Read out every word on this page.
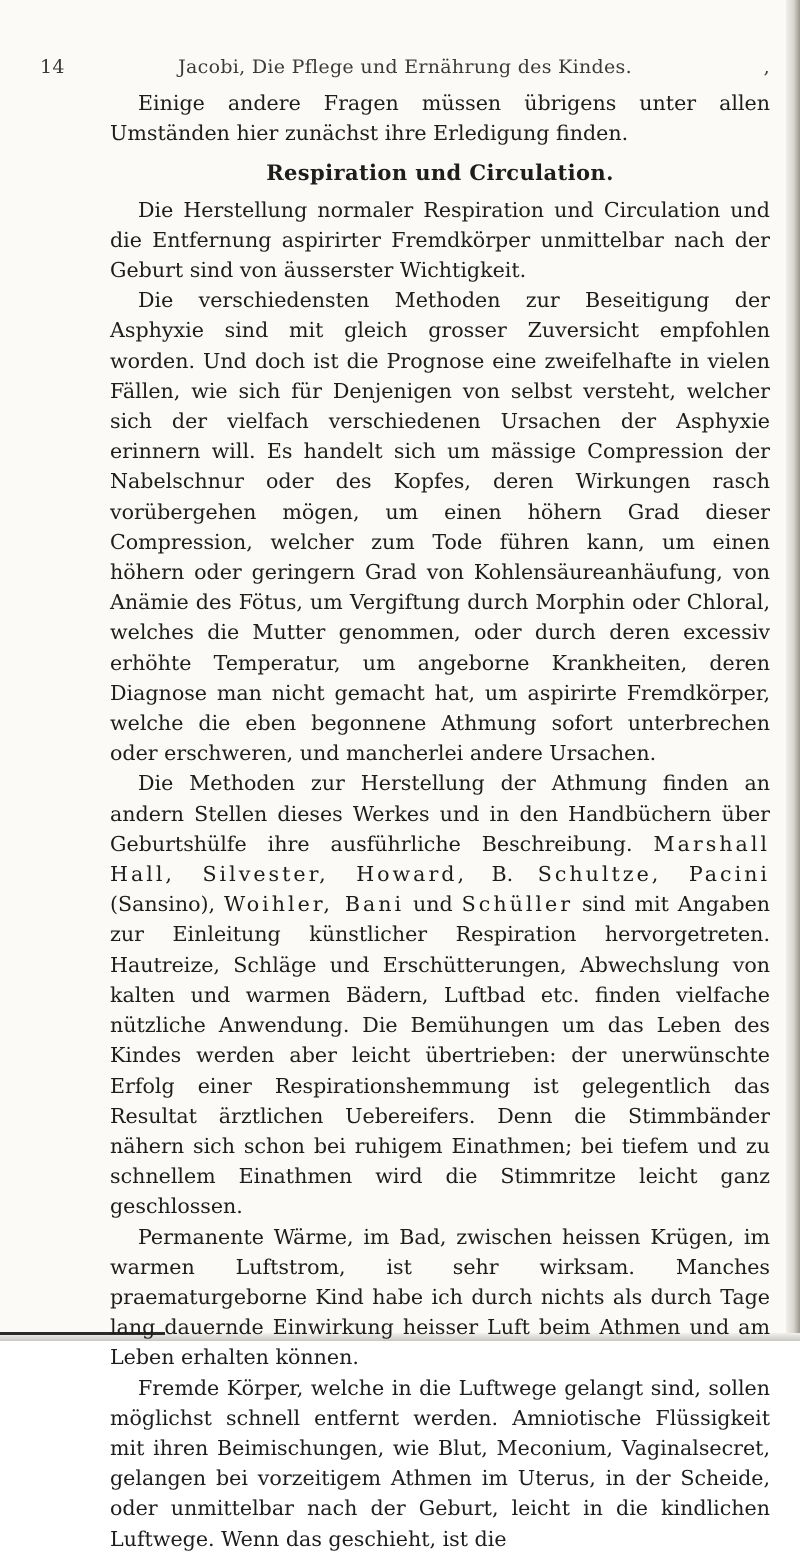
14	Jacobi, Die Pflege und Ernährung des Kindes.	,

Einige andere Fragen müssen übrigens unter allen Umständen hier zunächst ihre Erledigung finden.

Respiration und Circulation.

Die Herstellung normaler Respiration und Circulation und die Entfernung aspirirter Fremdkörper unmittelbar nach der Geburt sind von äusserster Wichtigkeit.

Die verschiedensten Methoden zur Beseitigung der Asphyxie sind mit gleich grosser Zuversicht empfohlen worden. Und doch ist die Prognose eine zweifelhafte in vielen Fällen, wie sich für Denjenigen von selbst versteht, welcher sich der vielfach verschiedenen Ursachen der Asphyxie erinnern will. Es handelt sich um mässige Compression der Nabelschnur oder des Kopfes, deren Wirkungen rasch vorübergehen mögen, um einen höhern Grad dieser Compression, welcher zum Tode führen kann, um einen höhern oder geringern Grad von Kohlensäureanhäufung, von Anämie des Fötus, um Vergiftung durch Morphin oder Chloral, welches die Mutter genommen, oder durch deren excessiv erhöhte Temperatur, um angeborne Krankheiten, deren Diagnose man nicht gemacht hat, um aspirirte Fremdkörper, welche die eben begonnene Athmung sofort unterbrechen oder erschweren, und mancherlei andere Ursachen.

Die Methoden zur Herstellung der Athmung finden an andern Stellen dieses Werkes und in den Handbüchern über Geburtshülfe ihre ausführliche Beschreibung. Marshall Hall, Silvester, Howard, B. Schultze, Pacini (Sansino), Woihler, Bani und Schüller sind mit Angaben zur Einleitung künstlicher Respiration hervorgetreten. Hautreize, Schläge und Erschütterungen, Abwechslung von kalten und warmen Bädern, Luftbad etc. finden vielfache nützliche Anwendung. Die Bemühungen um das Leben des Kindes werden aber leicht übertrieben: der unerwünschte Erfolg einer Respirationshemmung ist gelegentlich das Resultat ärztlichen Uebereifers. Denn die Stimmbänder nähern sich schon bei ruhigem Einathmen; bei tiefem und zu schnellem Einathmen wird die Stimmritze leicht ganz geschlossen.

Permanente Wärme, im Bad, zwischen heissen Krügen, im warmen Luftstrom, ist sehr wirksam. Manches praematurgeborne Kind habe ich durch nichts als durch Tage lang dauernde Einwirkung heisser Luft beim Athmen und am Leben erhalten können.

Fremde Körper, welche in die Luftwege gelangt sind, sollen möglichst schnell entfernt werden. Amniotische Flüssigkeit mit ihren Beimischungen, wie Blut, Meconium, Vaginalsecret, gelangen bei vorzeitigem Athmen im Uterus, in der Scheide, oder unmittelbar nach der Geburt, leicht in die kindlichen Luftwege. Wenn das geschieht, ist die
